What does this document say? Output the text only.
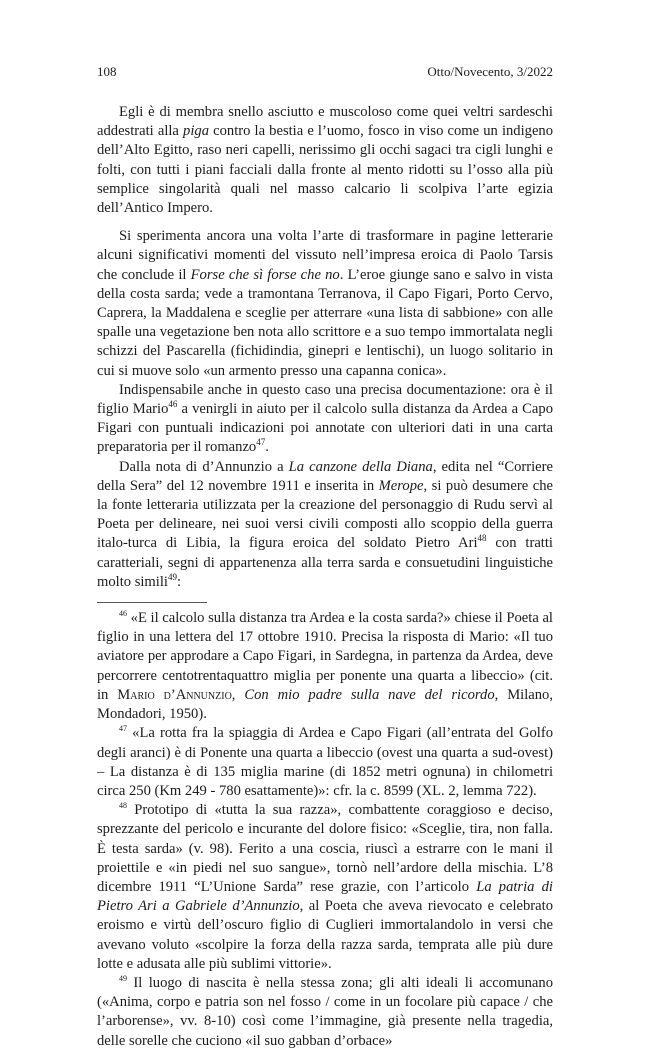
108	Otto/Novecento, 3/2022

Egli è di membra snello asciutto e muscoloso come quei veltri sardeschi addestrati alla piga contro la bestia e l’uomo, fosco in viso come un indigeno dell’Alto Egitto, raso neri capelli, nerissimo gli occhi sagaci tra cigli lunghi e folti, con tutti i piani facciali dalla fronte al mento ridotti su l’osso alla più semplice singolarità quali nel masso calcario li scolpiva l’arte egizia dell’Antico Impero.

Si sperimenta ancora una volta l’arte di trasformare in pagine letterarie alcuni significativi momenti del vissuto nell’impresa eroica di Paolo Tarsis che conclude il Forse che sì forse che no. L’eroe giunge sano e salvo in vista della costa sarda; vede a tramontana Terranova, il Capo Figari, Porto Cervo, Caprera, la Maddalena e sceglie per atterrare «una lista di sabbione» con alle spalle una vegetazione ben nota allo scrittore e a suo tempo immortalata negli schizzi del Pascarella (fichidindia, ginepri e lentischi), un luogo solitario in cui si muove solo «un armento presso una capanna conica».

Indispensabile anche in questo caso una precisa documentazione: ora è il figlio Mario$^{46}$ a venirgli in aiuto per il calcolo sulla distanza da Ardea a Capo Figari con puntuali indicazioni poi annotate con ulteriori dati in una carta preparatoria per il romanzo$^{47}$.

Dalla nota di d’Annunzio a La canzone della Diana, edita nel “Corriere della Sera” del 12 novembre 1911 e inserita in Merope, si può desumere che la fonte letteraria utilizzata per la creazione del personaggio di Rudu servì al Poeta per delineare, nei suoi versi civili composti allo scoppio della guerra italo-turca di Libia, la figura eroica del soldato Pietro Ari$^{48}$ con tratti caratteriali, segni di appartenenza alla terra sarda e consuetudini linguistiche molto simili$^{49}$:

$^{46}$ «E il calcolo sulla distanza tra Ardea e la costa sarda?» chiese il Poeta al figlio in una lettera del 17 ottobre 1910. Precisa la risposta di Mario: «Il tuo aviatore per approdare a Capo Figari, in Sardegna, in partenza da Ardea, deve percorrere centotrentaquattro miglia per ponente una quarta a libeccio» (cit. in Mario d’Annunzio, Con mio padre sulla nave del ricordo, Milano, Mondadori, 1950).

$^{47}$ «La rotta fra la spiaggia di Ardea e Capo Figari (all’entrata del Golfo degli aranci) è di Ponente una quarta a libeccio (ovest una quarta a sud-ovest) – La distanza è di 135 miglia marine (di 1852 metri ognuna) in chilometri circa 250 (Km 249 - 780 esattamente)»: cfr. la c. 8599 (XL. 2, lemma 722).

$^{48}$ Prototipo di «tutta la sua razza», combattente coraggioso e deciso, sprezzante del pericolo e incurante del dolore fisico: «Sceglie, tira, non falla. È testa sarda» (v. 98). Ferito a una coscia, riuscì a estrarre con le mani il proiettile e «in piedi nel suo sangue», tornò nell’ardore della mischia. L’8 dicembre 1911 “L’Unione Sarda” rese grazie, con l’articolo La patria di Pietro Ari a Gabriele d’Annunzio, al Poeta che aveva rievocato e celebrato eroismo e virtù dell’oscuro figlio di Cuglieri immortalandolo in versi che avevano voluto «scolpire la forza della razza sarda, temprata alle più dure lotte e adusata alle più sublimi vittorie».

$^{49}$ Il luogo di nascita è nella stessa zona; gli alti ideali li accomunano («Anima, corpo e patria son nel fosso / come in un focolare più capace / che l’arborense», vv. 8-10) così come l’immagine, già presente nella tragedia, delle sorelle che cuciono «il suo gabban d’orbace»
